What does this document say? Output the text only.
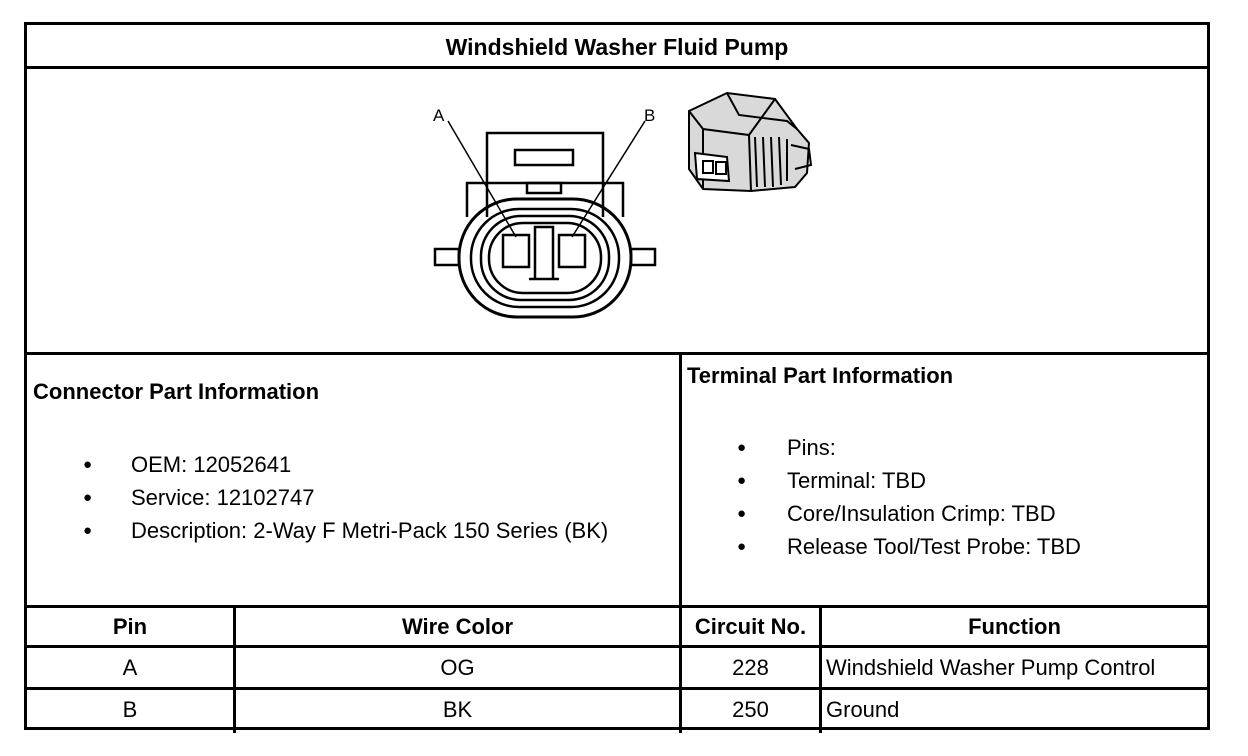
Windshield Washer Fluid Pump
A	B
Connector Part Information
● OEM: 12052641
● Service: 12102747
● Description: 2-Way F Metri-Pack 150 Series (BK)
Terminal Part Information
● Pins:
● Terminal: TBD
● Core/Insulation Crimp: TBD
● Release Tool/Test Probe: TBD
Pin	Wire Color	Circuit No.	Function
A	OG	228	Windshield Washer Pump Control
B	BK	250	Ground
